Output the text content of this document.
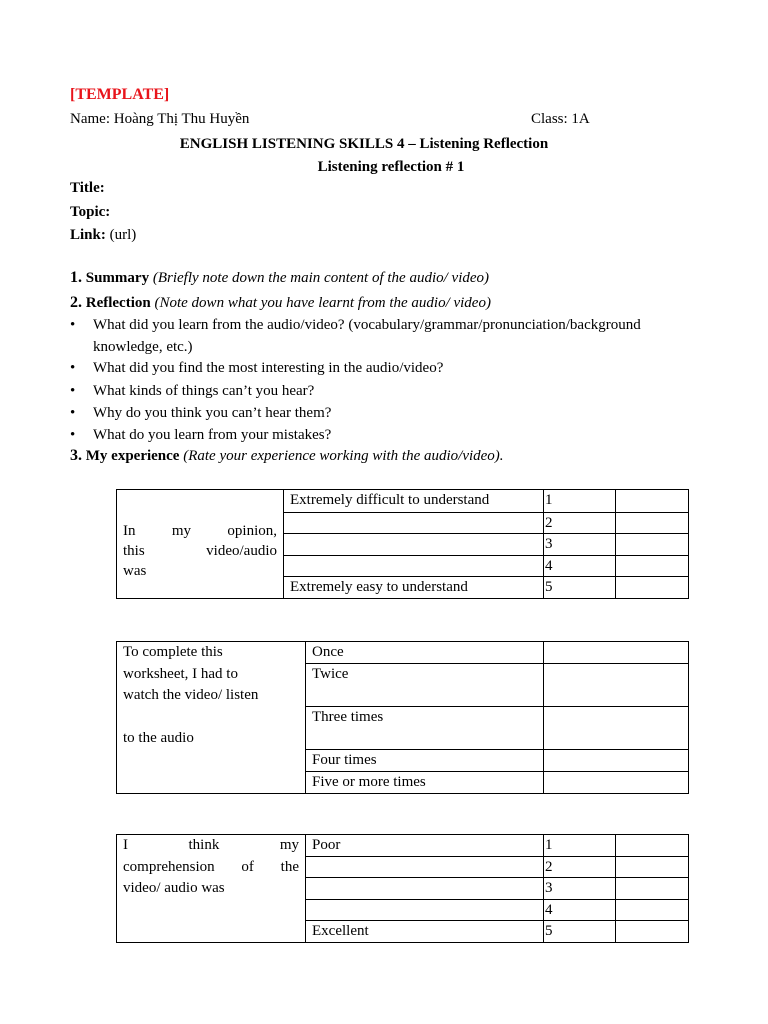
[TEMPLATE]
Name: Hoàng Thị Thu Huyền	Class: 1A
ENGLISH LISTENING SKILLS 4 – Listening Reflection
Listening reflection # 1
Title:
Topic:
Link: (url)
1. Summary (Briefly note down the main content of the audio/ video)
2. Reflection (Note down what you have learnt from the audio/ video)
• What did you learn from the audio/video? (vocabulary/grammar/pronunciation/background
knowledge, etc.)
• What did you find the most interesting in the audio/video?
• What kinds of things can’t you hear?
• Why do you think you can’t hear them?
• What do you learn from your mistakes?
3. My experience (Rate your experience working with the audio/video).
In my opinion,
this video/audio
was	Extremely difficult to understand	1	
		2	
		3	
		4	
	Extremely easy to understand	5	
To complete this
worksheet, I had to
watch the video/ listen
to the audio	Once	
	Twice	
	Three times	
	Four times	
	Five or more times	
I think my
comprehension of the
video/ audio was	Poor	1	
		2	
		3	
		4	
	Excellent	5	
